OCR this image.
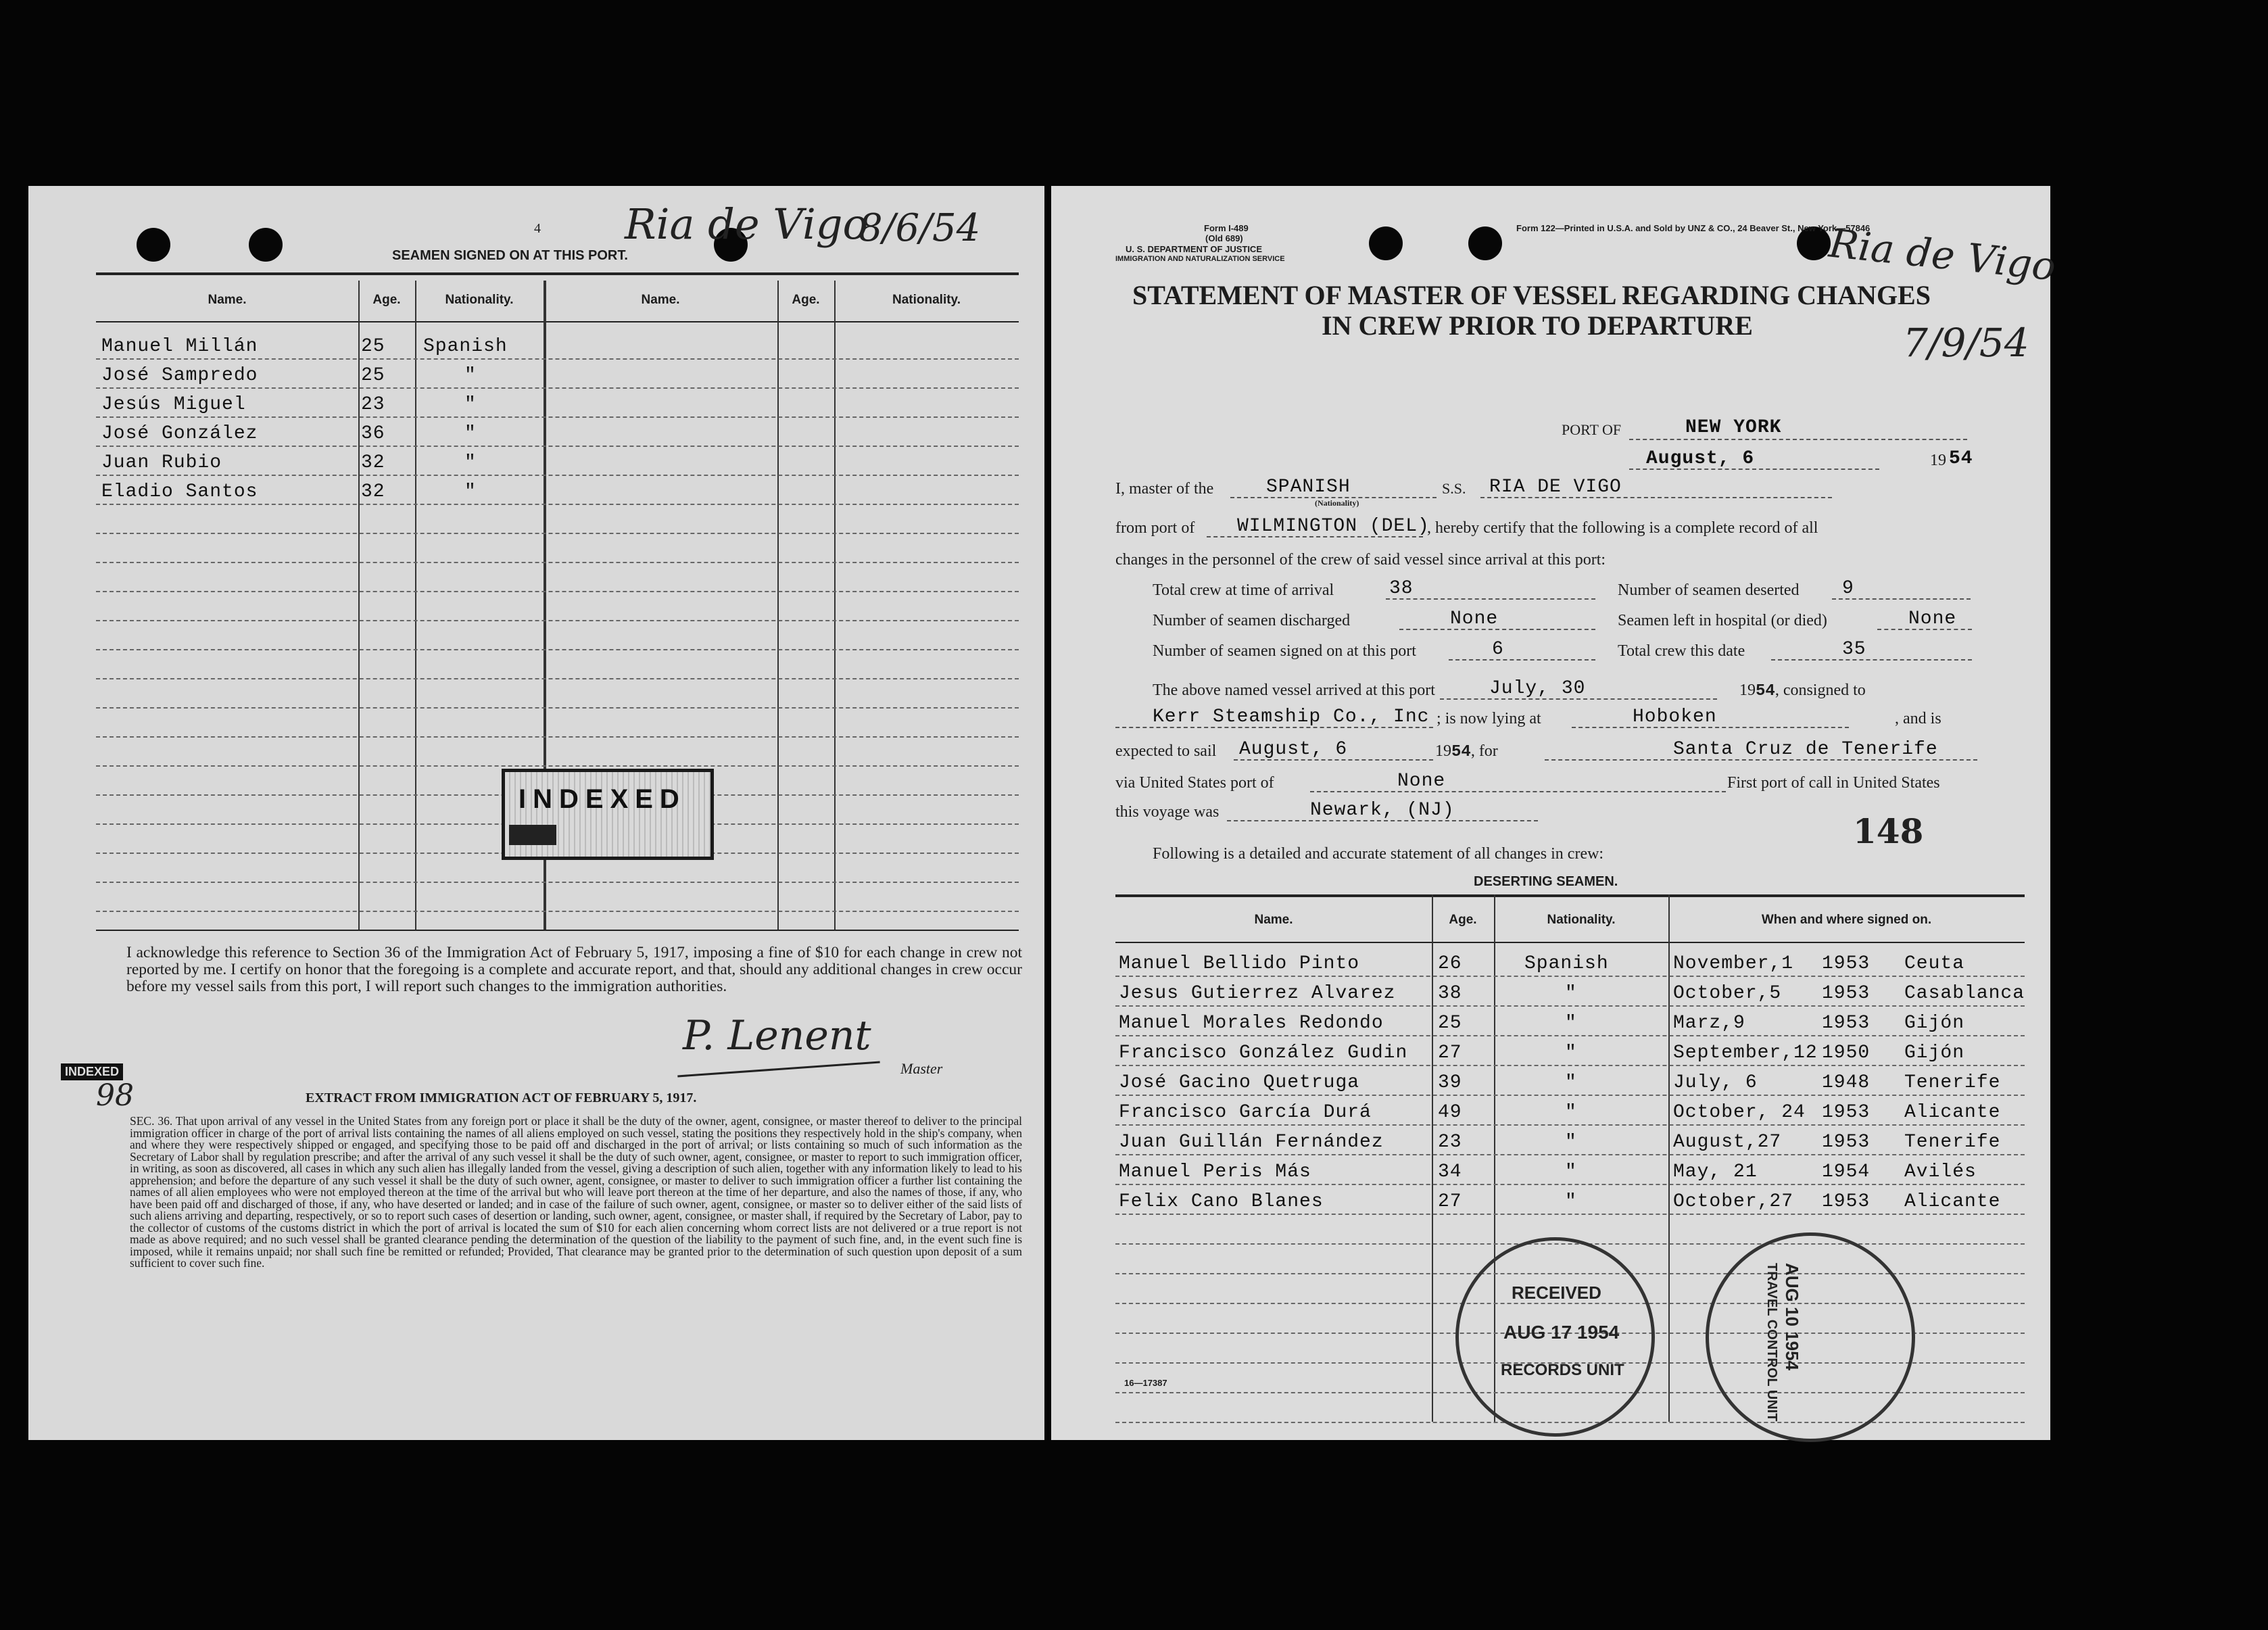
4
SEAMEN SIGNED ON AT THIS PORT.
Ria de Vigo
8/6/54
Name.	Age.	Nationality.	Name.	Age.	Nationality.
Manuel Millán	25 Spanish
José Sampredo	25	"
Jesús Miguel	23	"
José González	36	"
Juan Rubio	32	"
Eladio Santos	32	"
INDEXED
I acknowledge this reference to Section 36 of the Immigration Act of February 5, 1917, imposing a fine of $10 for each change in crew not reported by me. I certify on honor that the foregoing is a complete and accurate report, and that, should any additional changes in crew occur before my vessel sails from this port, I will report such changes to the immigration authorities.
P. Lenent
Master
INDEXED
98	EXTRACT FROM IMMIGRATION ACT OF FEBRUARY 5, 1917.
SEC. 36. That upon arrival of any vessel in the United States from any foreign port or place it shall be the duty of the owner, agent, consignee, or master thereof to deliver to the principal immigration officer in charge of the port of arrival lists containing the names of all aliens employed on such vessel, stating the positions they respectively hold in the ship's company, when and where they were respectively shipped or engaged, and specifying those to be paid off and discharged in the port of arrival; or lists containing so much of such information as the Secretary of Labor shall by regulation prescribe; and after the arrival of any such vessel it shall be the duty of such owner, agent, consignee, or master to report to such immigration officer, in writing, as soon as discovered, all cases in which any such alien has illegally landed from the vessel, giving a description of such alien, together with any information likely to lead to his apprehension; and before the departure of any such vessel it shall be the duty of such owner, agent, consignee, or master to deliver to such immigration officer a further list containing the names of all alien employees who were not employed thereon at the time of the arrival but who will leave port thereon at the time of her departure, and also the names of those, if any, who have been paid off and discharged of those, if any, who have deserted or landed; and in case of the failure of such owner, agent, consignee, or master so to deliver either of the said lists of such aliens arriving and departing, respectively, or so to report such cases of desertion or landing, such owner, agent, consignee, or master shall, if required by the Secretary of Labor, pay to the collector of customs of the customs district in which the port of arrival is located the sum of $10 for each alien concerning whom correct lists are not delivered or a true report is not made as above required; and no such vessel shall be granted clearance pending the determination of the question of the liability to the payment of such fine, and, in the event such fine is imposed, while it remains unpaid; nor shall such fine be remitted or refunded; Provided, That clearance may be granted prior to the determination of such question upon deposit of a sum sufficient to cover such fine.
Form I-489
(Old 689)
U. S. DEPARTMENT OF JUSTICE
IMMIGRATION AND NATURALIZATION SERVICE
Form 122—Printed in U.S.A. and Sold by UNZ & CO., 24 Beaver St., New York—57846
Ria de Vigo
7/9/54
STATEMENT OF MASTER OF VESSEL REGARDING CHANGES
IN CREW PRIOR TO DEPARTURE
PORT OF	NEW YORK
August, 6	19 54
I, master of the	SPANISH
(Nationality)
S.S. RIA DE VIGO
from port of WILMINGTON (DEL)
, hereby certify that the following is a complete record of all
changes in the personnel of the crew of said vessel since arrival at this port:
Total crew at time of arrival	38	Number of seamen deserted 9
Number of seamen discharged	None	Seamen left in hospital (or died)	None
Number of seamen signed on at this port	6	Total crew this date	35
The above named vessel arrived at this port	July, 30	1954, consigned to
Kerr Steamship Co., Inc ; is now lying at	Hoboken	, and is
expected to sail August, 6	1954, for	Santa Cruz de Tenerife
via United States port of	None	First port of call in United States
this voyage was	Newark, (NJ)
148
Following is a detailed and accurate statement of all changes in crew:
DESERTING SEAMEN.
Name.	Age.	Nationality.	When and where signed on.
Manuel Bellido Pinto	26	Spanish	November,1 1953 Ceuta
Jesus Gutierrez Alvarez 38	"	October,5 1953 Casablanca
Manuel Morales Redondo	25	"	Marz,9	1953 Gijón
Francisco González Gudin 27	"	September,12 1950 Gijón
José Gacino Quetruga	39	"	July, 6	1948 Tenerife
Francisco García Durá	49	"	October, 24 1953 Alicante
Juan Guillán Fernández	23	"	August,27 1953 Tenerife
Manuel Peris Más	34	"	May, 21	1954 Avilés
Felix Cano Blanes	27	"	October,27 1953 Alicante
RECEIVED
AUG 17 1954
RECORDS UNIT	AUG 10 1954
TRAVEL CONTROL UNIT
16—17387
